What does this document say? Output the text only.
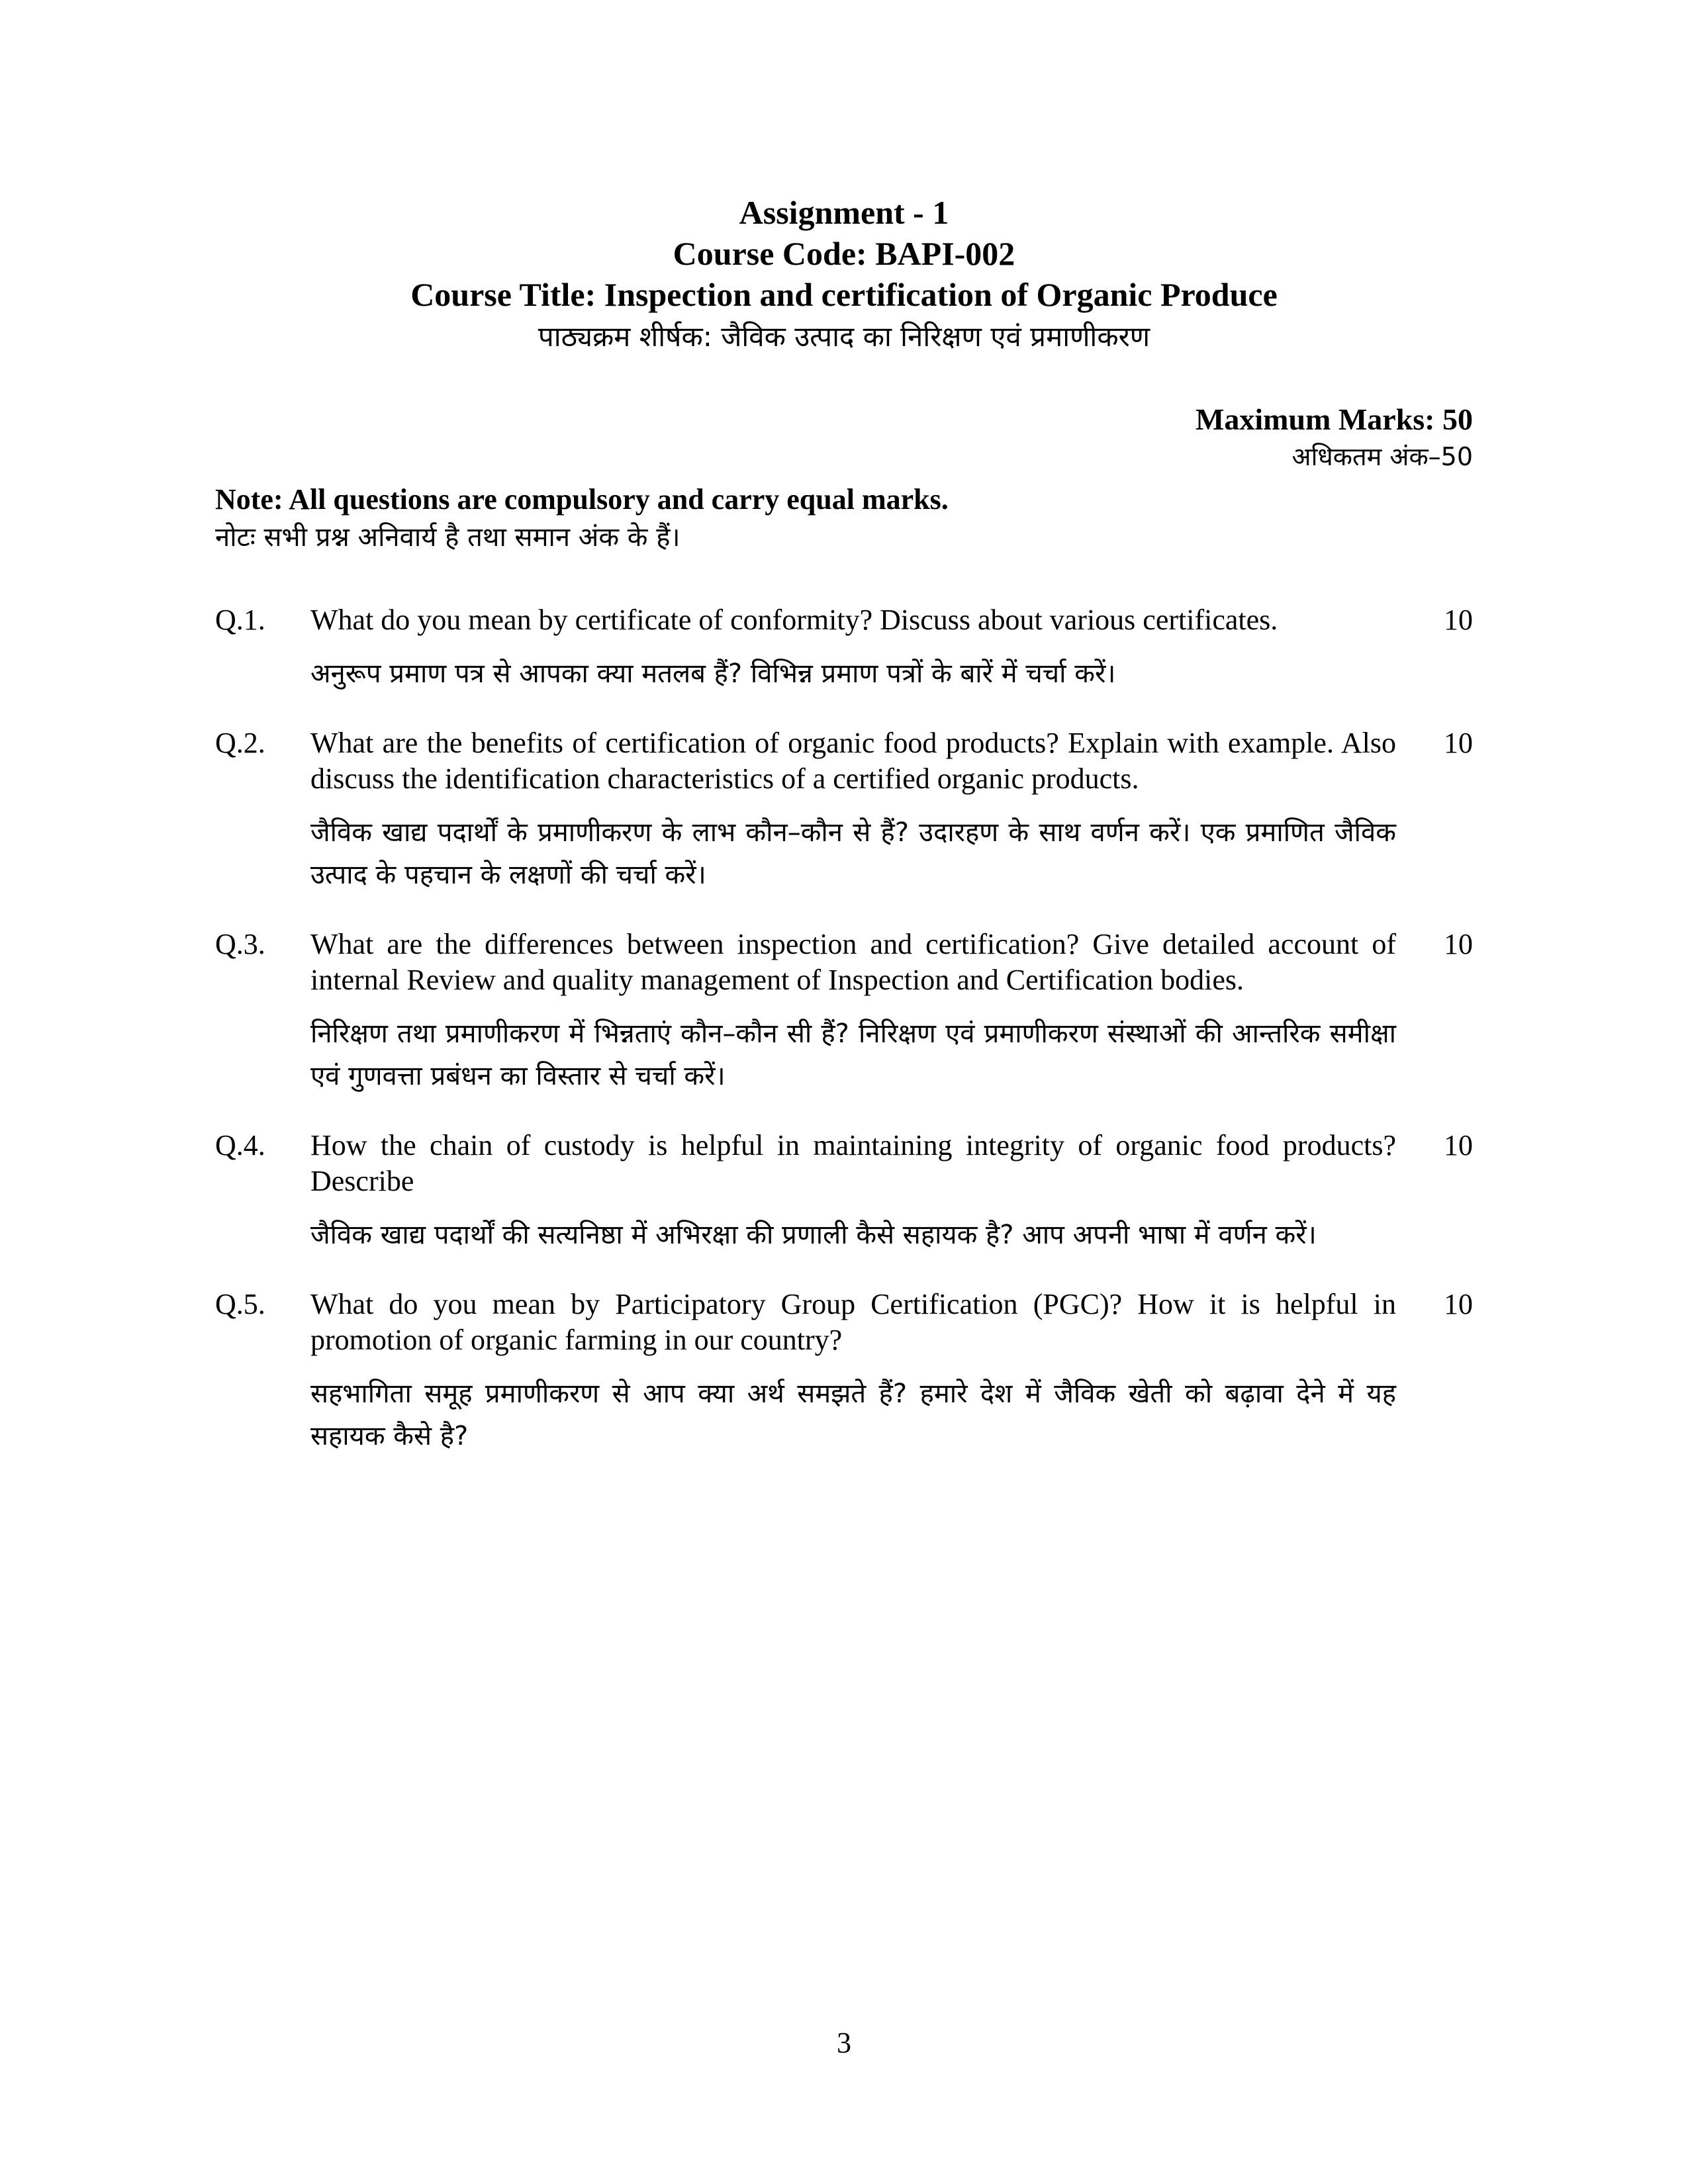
Assignment - 1
Course Code: BAPI-002
Course Title: Inspection and certification of Organic Produce
पाठ्यक्रम शीर्षक: जैविक उत्पाद का निरिक्षण एवं प्रमाणीकरण
Maximum Marks: 50
अधिकतम अंक–50
Note: All questions are compulsory and carry equal marks.
नोटः सभी प्रश्न अनिवार्य है तथा समान अंक के हैं।
Q.1. What do you mean by certificate of conformity? Discuss about various certificates.
अनुरूप प्रमाण पत्र से आपका क्या मतलब हैं? विभिन्न प्रमाण पत्रों के बारें में चर्चा करें।
10
Q.2. What are the benefits of certification of organic food products? Explain with example. Also discuss the identification characteristics of a certified organic products.
जैविक खाद्य पदार्थों के प्रमाणीकरण के लाभ कौन–कौन से हैं? उदारहण के साथ वर्णन करें। एक प्रमाणित जैविक उत्पाद के पहचान के लक्षणों की चर्चा करें।
10
Q.3. What are the differences between inspection and certification? Give detailed account of internal Review and quality management of Inspection and Certification bodies.
निरिक्षण तथा प्रमाणीकरण में भिन्नताएं कौन–कौन सी हैं? निरिक्षण एवं प्रमाणीकरण संस्थाओं की आन्तरिक समीक्षा एवं गुणवत्ता प्रबंधन का विस्तार से चर्चा करें।
10
Q.4. How the chain of custody is helpful in maintaining integrity of organic food products? Describe
जैविक खाद्य पदार्थों की सत्यनिष्ठा में अभिरक्षा की प्रणाली कैसे सहायक है? आप अपनी भाषा में वर्णन करें।
10
Q.5. What do you mean by Participatory Group Certification (PGC)? How it is helpful in promotion of organic farming in our country?
सहभागिता समूह प्रमाणीकरण से आप क्या अर्थ समझते हैं? हमारे देश में जैविक खेती को बढ़ावा देने में यह सहायक कैसे है?
10
3
